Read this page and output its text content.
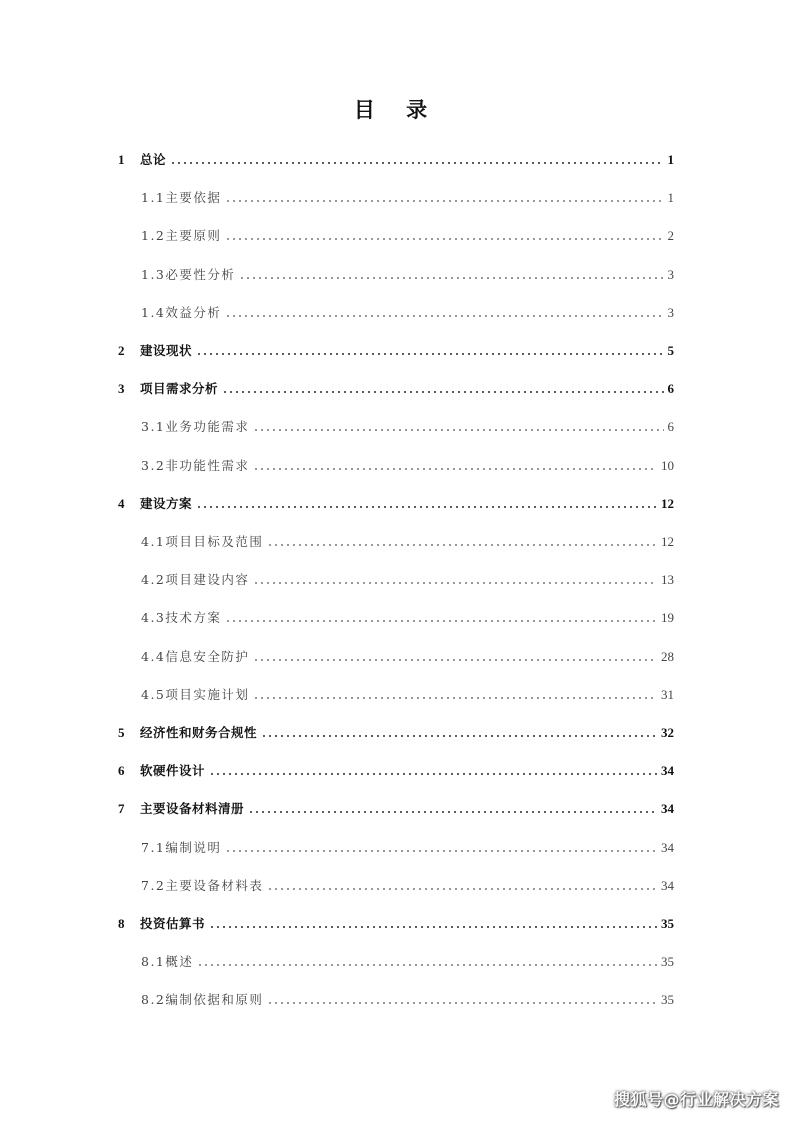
目 录
1	总论	1
1.1主要依据	1
1.2主要原则	2
1.3必要性分析	3
1.4效益分析	3
2	建设现状	5
3	项目需求分析	6
3.1业务功能需求	6
3.2非功能性需求	10
4	建设方案	12
4.1项目目标及范围	12
4.2项目建设内容	13
4.3技术方案	19
4.4信息安全防护	28
4.5项目实施计划	31
5	经济性和财务合规性	32
6	软硬件设计	34
7	主要设备材料清册	34
7.1编制说明	34
7.2主要设备材料表	34
8	投资估算书	35
8.1概述	35
8.2编制依据和原则	35
搜狐号@行业解决方案
